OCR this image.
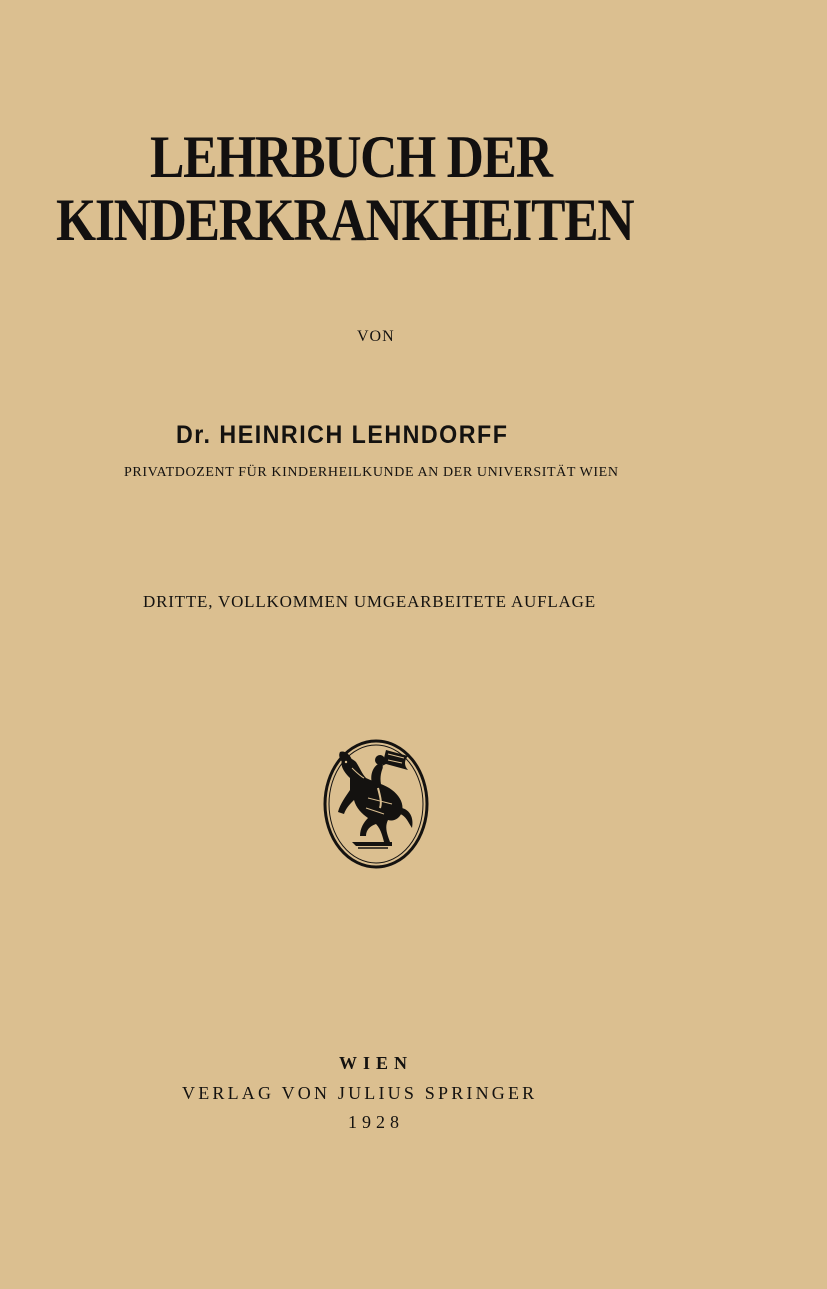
LEHRBUCH DER
KINDERKRANKHEITEN
VON
Dr. HEINRICH LEHNDORFF
PRIVATDOZENT FÜR KINDERHEILKUNDE AN DER UNIVERSITÄT WIEN
DRITTE, VOLLKOMMEN UMGEARBEITETE AUFLAGE
WIEN
VERLAG VON JULIUS SPRINGER
1928
